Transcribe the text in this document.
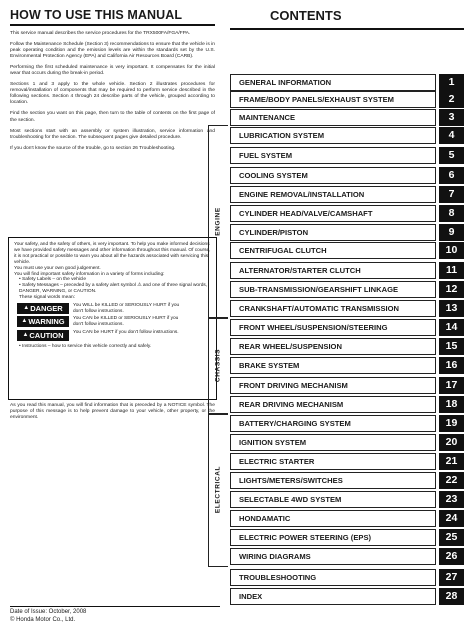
HOW TO USE THIS MANUAL

This service manual describes the service procedures for the TRX500FA/FGA/FPA.

Follow the Maintenance Schedule (Section 3) recommendations to ensure that the vehicle is in peak operating condition and the emission levels are within the standards set by the U.S. Environmental Protection Agency (EPA) and California Air Resources Board (CARB).

Performing the first scheduled maintenance is very important. It compensates for the initial wear that occurs during the break-in period.

Sections 1 and 3 apply to the whole vehicle. Section 2 illustrates procedures for removal/installation of components that may be required to perform service described in the following sections. Section 4 through 24 describe parts of the vehicle, grouped according to location.

Find the section you want on this page, then turn to the table of contents on the first page of the section.

Most sections start with an assembly or system illustration, service information and troubleshooting for the section. The subsequent pages give detailed procedure.

If you don't know the source of the trouble, go to section 26 Troubleshooting.

Your safety, and the safety of others, is very important. To help you make informed decisions we have provided safety messages and other information throughout this manual. Of course, it is not practical or possible to warn you about all the hazards associated with servicing this vehicle.

You must use your own good judgement.

You will find important safety information in a variety of forms including:

• Safety Labels – on the vehicle

• Safety Messages – preceded by a safety alert symbol ⚠ and one of three signal words, DANGER, WARNING, or CAUTION.

These signal words mean:

▲ DANGER You WILL be KILLED or SERIOUSLY HURT if you don't follow instructions.
▲ WARNING You CAN be KILLED or SERIOUSLY HURT if you don't follow instructions.
▲ CAUTION You CAN be HURT if you don't follow instructions.

• Instructions – how to service this vehicle correctly and safely.

As you read this manual, you will find information that is preceded by a NOTICE symbol. The purpose of this message is to help prevent damage to your vehicle, other property, or the environment.

Date of Issue: October, 2008
© Honda Motor Co., Ltd.
CONTENTS
GENERAL INFORMATION	1
FRAME/BODY PANELS/EXHAUST SYSTEM	2
MAINTENANCE	3
LUBRICATION SYSTEM	4
FUEL SYSTEM	5
COOLING SYSTEM	6
ENGINE REMOVAL/INSTALLATION	7
CYLINDER HEAD/VALVE/CAMSHAFT	8
CYLINDER/PISTON	9
CENTRIFUGAL CLUTCH	10
ALTERNATOR/STARTER CLUTCH	11
SUB-TRANSMISSION/GEARSHIFT LINKAGE	12
CRANKSHAFT/AUTOMATIC TRANSMISSION	13
FRONT WHEEL/SUSPENSION/STEERING	14
REAR WHEEL/SUSPENSION	15
BRAKE SYSTEM	16
FRONT DRIVING MECHANISM	17
REAR DRIVING MECHANISM	18
BATTERY/CHARGING SYSTEM	19
IGNITION SYSTEM	20
ELECTRIC STARTER	21
LIGHTS/METERS/SWITCHES	22
SELECTABLE 4WD SYSTEM	23
HONDAMATIC	24
ELECTRIC POWER STEERING (EPS)	25
WIRING DIAGRAMS	26
TROUBLESHOOTING	27
INDEX	28
ENGINE
CHASSIS
ELECTRICAL
